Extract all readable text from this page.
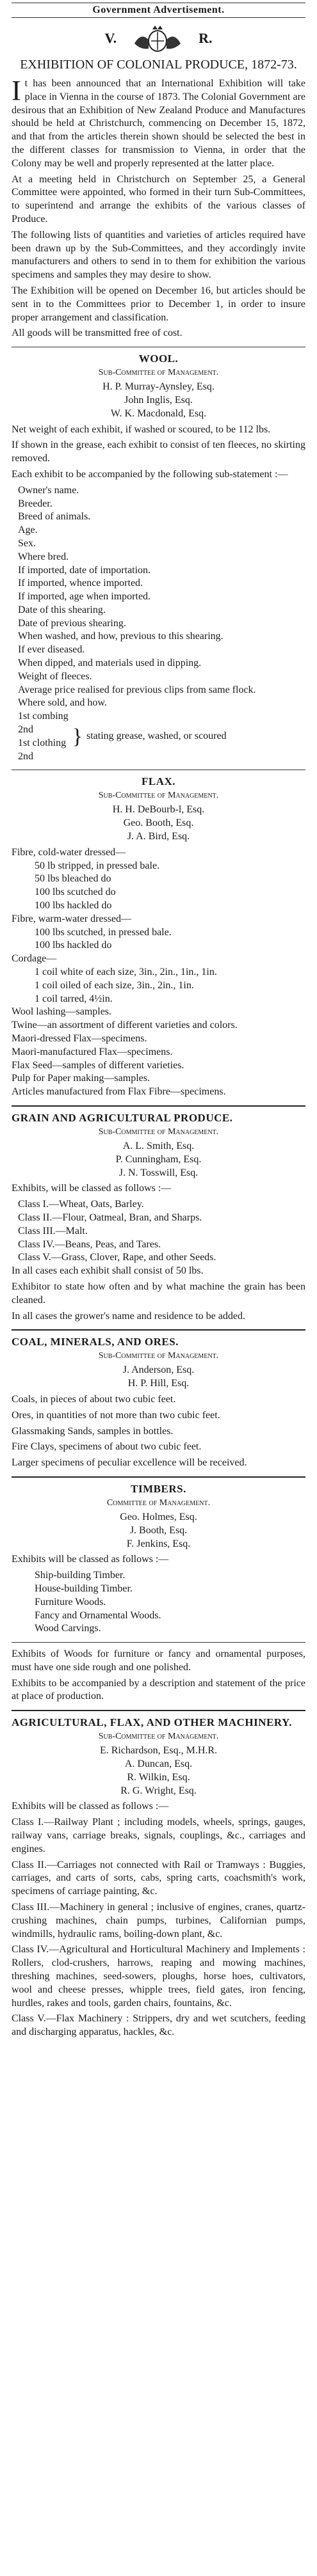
Government Advertisement.
V.	R.
EXHIBITION OF COLONIAL PRODUCE, 1872-73.

It has been announced that an International Exhibition will take place in Vienna in the course of 1873. The Colonial Government are desirous that an Exhibition of New Zealand Produce and Manufactures should be held at Christchurch, commencing on December 15, 1872, and that from the articles therein shown should be selected the best in the different classes for transmission to Vienna, in order that the Colony may be well and properly represented at the latter place.

At a meeting held in Christchurch on September 25, a General Committee were appointed, who formed in their turn Sub-Committees, to superintend and arrange the exhibits of the various classes of Produce.

The following lists of quantities and varieties of articles required have been drawn up by the Sub-Committees, and they accordingly invite manufacturers and others to send in to them for exhibition the various specimens and samples they may desire to show.

The Exhibition will be opened on December 16, but articles should be sent in to the Committees prior to December 1, in order to insure proper arrangement and classification.

All goods will be transmitted free of cost.

WOOL.
Sub-Committee of Management.
H. P. Murray-Aynsley, Esq.
John Inglis, Esq.
W. K. Macdonald, Esq.

Net weight of each exhibit, if washed or scoured, to be 112 lbs.

If shown in the grease, each exhibit to consist of ten fleeces, no skirting removed.

Each exhibit to be accompanied by the following sub-statement :—

Owner's name.
Breeder.
Breed of animals.
Age.
Sex.
Where bred.
If imported, date of importation.
If imported, whence imported.
If imported, age when imported.
Date of this shearing.
Date of previous shearing.
When washed, and how, previous to this shearing.
If ever diseased.
When dipped, and materials used in dipping.
Weight of fleeces.
Average price realised for previous clips from same flock.
Where sold, and how.
1st combing
2nd
1st clothing
2nd
} stating grease, washed, or scoured
FLAX.
Sub-Committee of Management.
H. H. DeBourb-l, Esq.
Geo. Booth, Esq.
J. A. Bird, Esq.
Fibre, cold-water dressed—
50 lb stripped, in pressed bale.
50 lbs bleached do
100 lbs scutched do
100 lbs hackled do
Fibre, warm-water dressed—
100 lbs scutched, in pressed bale.
100 lbs hackled do
Cordage—
1 coil white of each size, 3in., 2in., 1in., 1in.
1 coil oiled of each size, 3in., 2in., 1in.
1 coil tarred, 4½in.
Wool lashing—samples.
Twine—an assortment of different varieties and colors.
Maori-dressed Flax—specimens.
Maori-manufactured Flax—specimens.
Flax Seed—samples of different varieties.
Pulp for Paper making—samples.
Articles manufactured from Flax Fibre—specimens.
GRAIN AND AGRICULTURAL PRODUCE.
Sub-Committee of Management.
A. L. Smith, Esq.
P. Cunningham, Esq.
J. N. Tosswill, Esq.

Exhibits, will be classed as follows :—

Class I.—Wheat, Oats, Barley.
Class II.—Flour, Oatmeal, Bran, and Sharps.
Class III.—Malt.
Class IV.—Beans, Peas, and Tares.
Class V.—Grass, Clover, Rape, and other Seeds.

In all cases each exhibit shall consist of 50 lbs.

Exhibitor to state how often and by what machine the grain has been cleaned.

In all cases the grower's name and residence to be added.

COAL, MINERALS, AND ORES.
Sub-Committee of Management.
J. Anderson, Esq.
H. P. Hill, Esq.

Coals, in pieces of about two cubic feet.

Ores, in quantities of not more than two cubic feet.

Glassmaking Sands, samples in bottles.

Fire Clays, specimens of about two cubic feet.

Larger specimens of peculiar excellence will be received.

TIMBERS.
Committee of Management.
Geo. Holmes, Esq.
J. Booth, Esq.
F. Jenkins, Esq.

Exhibits will be classed as follows :—

Ship-building Timber.
House-building Timber.
Furniture Woods.
Fancy and Ornamental Woods.
Wood Carvings.

Exhibits of Woods for furniture or fancy and ornamental purposes, must have one side rough and one polished.

Exhibits to be accompanied by a description and statement of the price at place of production.

AGRICULTURAL, FLAX, AND OTHER MACHINERY.
Sub-Committee of Management.
E. Richardson, Esq., M.H.R.
A. Duncan, Esq.
R. Wilkin, Esq.
R. G. Wright, Esq.

Exhibits will be classed as follows :—

Class I.—Railway Plant ; including models, wheels, springs, gauges, railway vans, carriage breaks, signals, couplings, &c., carriages and engines.

Class II.—Carriages not connected with Rail or Tramways : Buggies, carriages, and carts of sorts, cabs, spring carts, coachsmith's work, specimens of carriage painting, &c.

Class III.—Machinery in general ; inclusive of engines, cranes, quartz-crushing machines, chain pumps, turbines, Californian pumps, windmills, hydraulic rams, boiling-down plant, &c.

Class IV.—Agricultural and Horticultural Machinery and Implements : Rollers, clod-crushers, harrows, reaping and mowing machines, threshing machines, seed-sowers, ploughs, horse hoes, cultivators, wool and cheese presses, whipple trees, field gates, iron fencing, hurdles, rakes and tools, garden chairs, fountains, &c.

Class V.—Flax Machinery : Strippers, dry and wet scutchers, feeding and discharging apparatus, hackles, &c.
